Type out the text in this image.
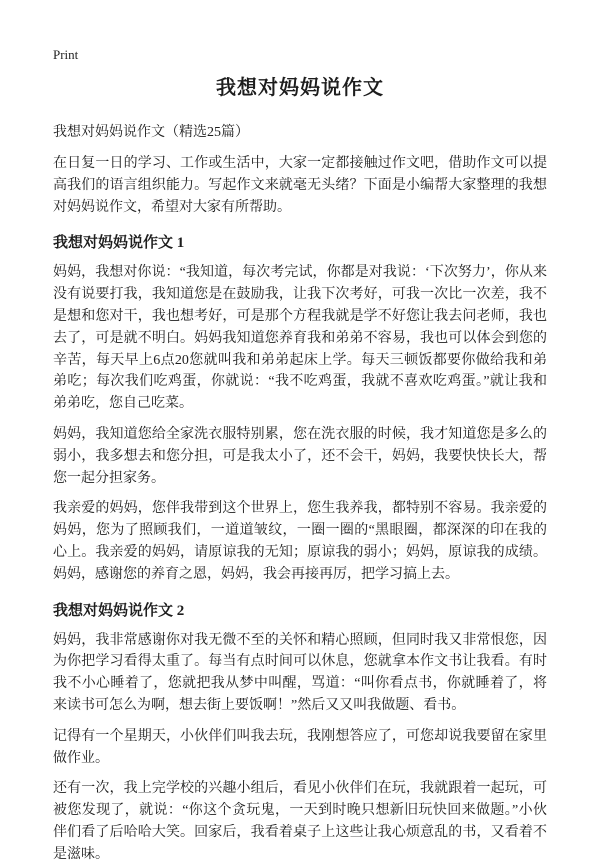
Print
我想对妈妈说作文

我想对妈妈说作文（精选25篇）

在日复一日的学习、工作或生活中，大家一定都接触过作文吧，借助作文可以提高我们的语言组织能力。写起作文来就毫无头绪？下面是小编帮大家整理的我想对妈妈说作文，希望对大家有所帮助。

我想对妈妈说作文 1

妈妈，我想对你说：“我知道，每次考完试，你都是对我说：‘下次努力’，你从来没有说要打我，我知道您是在鼓励我，让我下次考好，可我一次比一次差，我不是想和您对干，我也想考好，可是那个方程我就是学不好您让我去问老师，我也去了，可是就不明白。妈妈我知道您养育我和弟弟不容易，我也可以体会到您的辛苦，每天早上6点20您就叫我和弟弟起床上学。每天三顿饭都要你做给我和弟弟吃；每次我们吃鸡蛋，你就说：“我不吃鸡蛋，我就不喜欢吃鸡蛋。”就让我和弟弟吃，您自己吃菜。

妈妈，我知道您给全家洗衣服特别累，您在洗衣服的时候，我才知道您是多么的弱小，我多想去和您分担，可是我太小了，还不会干，妈妈，我要快快长大，帮您一起分担家务。

我亲爱的妈妈，您伴我带到这个世界上，您生我养我，都特别不容易。我亲爱的妈妈，您为了照顾我们，一道道皱纹，一圈一圈的“黑眼圈，都深深的印在我的心上。我亲爱的妈妈，请原谅我的无知；原谅我的弱小；妈妈，原谅我的成绩。妈妈，感谢您的养育之恩，妈妈，我会再接再厉，把学习搞上去。

我想对妈妈说作文 2

妈妈，我非常感谢你对我无微不至的关怀和精心照顾，但同时我又非常恨您，因为你把学习看得太重了。每当有点时间可以休息，您就拿本作文书让我看。有时我不小心睡着了，您就把我从梦中叫醒，骂道：“叫你看点书，你就睡着了，将来读书可怎么为啊，想去街上要饭啊！”然后又又叫我做题、看书。

记得有一个星期天，小伙伴们叫我去玩，我刚想答应了，可您却说我要留在家里做作业。

还有一次，我上完学校的兴趣小组后，看见小伙伴们在玩，我就跟着一起玩，可被您发现了，就说：“你这个贪玩鬼，一天到时晚只想新旧玩快回来做题。”小伙伴们看了后哈哈大笑。回家后，我看着桌子上这些让我心烦意乱的书，又看着不是滋味。
